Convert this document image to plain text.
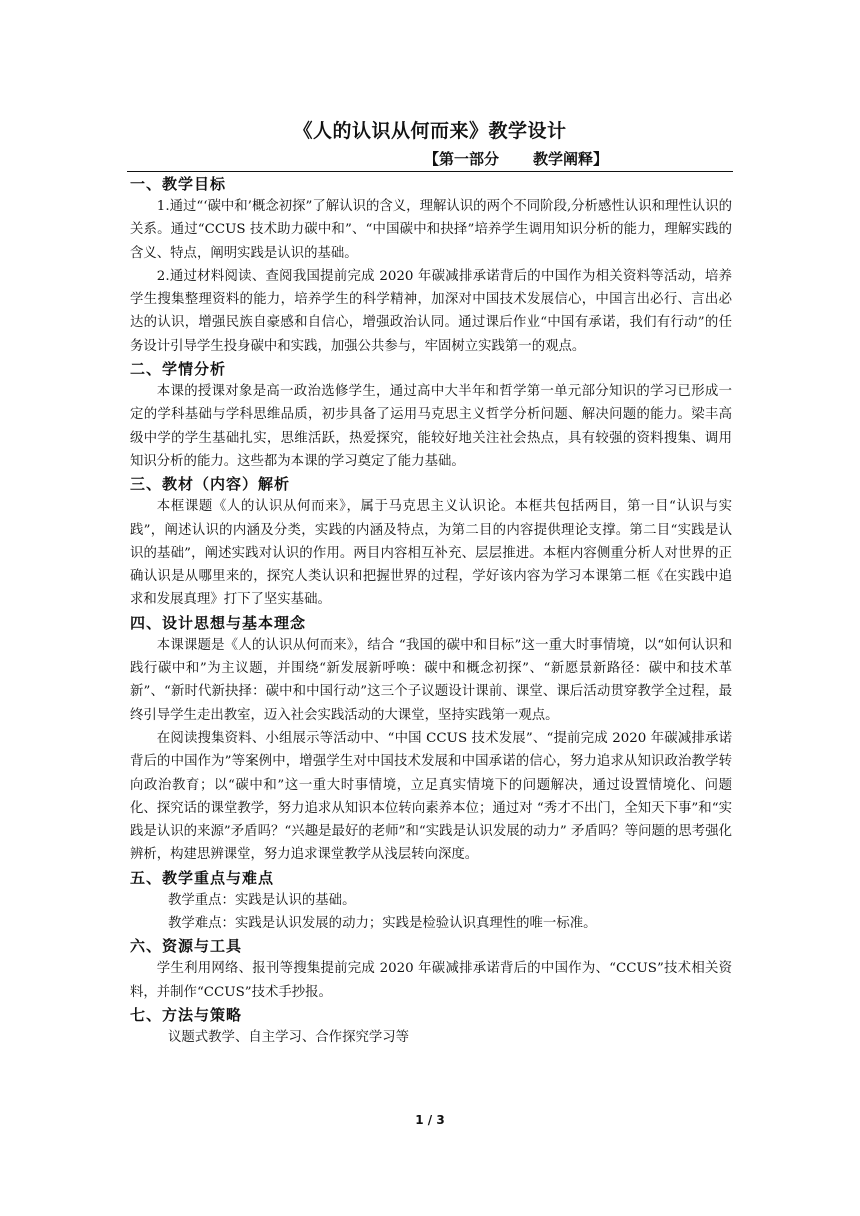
《人的认识从何而来》教学设计
【第一部分 教学阐释】
一、教学目标

1.通过“‘碳中和’概念初探”了解认识的含义，理解认识的两个不同阶段,分析感性认识和理性认识的关系。通过“CCUS 技术助力碳中和”、“中国碳中和抉择”培养学生调用知识分析的能力，理解实践的含义、特点，阐明实践是认识的基础。

2.通过材料阅读、查阅我国提前完成 2020 年碳减排承诺背后的中国作为相关资料等活动，培养学生搜集整理资料的能力，培养学生的科学精神，加深对中国技术发展信心，中国言出必行、言出必达的认识，增强民族自豪感和自信心，增强政治认同。通过课后作业“中国有承诺，我们有行动”的任务设计引导学生投身碳中和实践，加强公共参与，牢固树立实践第一的观点。

二、学情分析

本课的授课对象是高一政治选修学生，通过高中大半年和哲学第一单元部分知识的学习已形成一定的学科基础与学科思维品质，初步具备了运用马克思主义哲学分析问题、解决问题的能力。梁丰高级中学的学生基础扎实，思维活跃，热爱探究，能较好地关注社会热点，具有较强的资料搜集、调用知识分析的能力。这些都为本课的学习奠定了能力基础。

三、教材（内容）解析

本框课题《人的认识从何而来》，属于马克思主义认识论。本框共包括两目，第一目“认识与实践”，阐述认识的内涵及分类，实践的内涵及特点，为第二目的内容提供理论支撑。第二目“实践是认识的基础”，阐述实践对认识的作用。两目内容相互补充、层层推进。本框内容侧重分析人对世界的正确认识是从哪里来的，探究人类认识和把握世界的过程，学好该内容为学习本课第二框《在实践中追求和发展真理》打下了坚实基础。

四、设计思想与基本理念

本课课题是《人的认识从何而来》，结合 “我国的碳中和目标”这一重大时事情境，以“如何认识和践行碳中和”为主议题，并围绕“新发展新呼唤：碳中和概念初探”、“新愿景新路径：碳中和技术革新”、“新时代新抉择：碳中和中国行动”这三个子议题设计课前、课堂、课后活动贯穿教学全过程，最终引导学生走出教室，迈入社会实践活动的大课堂，坚持实践第一观点。

在阅读搜集资料、小组展示等活动中、“中国 CCUS 技术发展”、“提前完成 2020 年碳减排承诺背后的中国作为”等案例中，增强学生对中国技术发展和中国承诺的信心，努力追求从知识政治教学转向政治教育；以“碳中和”这一重大时事情境，立足真实情境下的问题解决，通过设置情境化、问题化、探究话的课堂教学，努力追求从知识本位转向素养本位；通过对 “秀才不出门，全知天下事”和“实践是认识的来源”矛盾吗？“兴趣是最好的老师”和“实践是认识发展的动力” 矛盾吗？等问题的思考强化辨析，构建思辨课堂，努力追求课堂教学从浅层转向深度。

五、教学重点与难点

教学重点：实践是认识的基础。

教学难点：实践是认识发展的动力；实践是检验认识真理性的唯一标准。

六、资源与工具

学生利用网络、报刊等搜集提前完成 2020 年碳减排承诺背后的中国作为、“CCUS”技术相关资料，并制作“CCUS”技术手抄报。

七、方法与策略

议题式教学、自主学习、合作探究学习等

1 / 3
